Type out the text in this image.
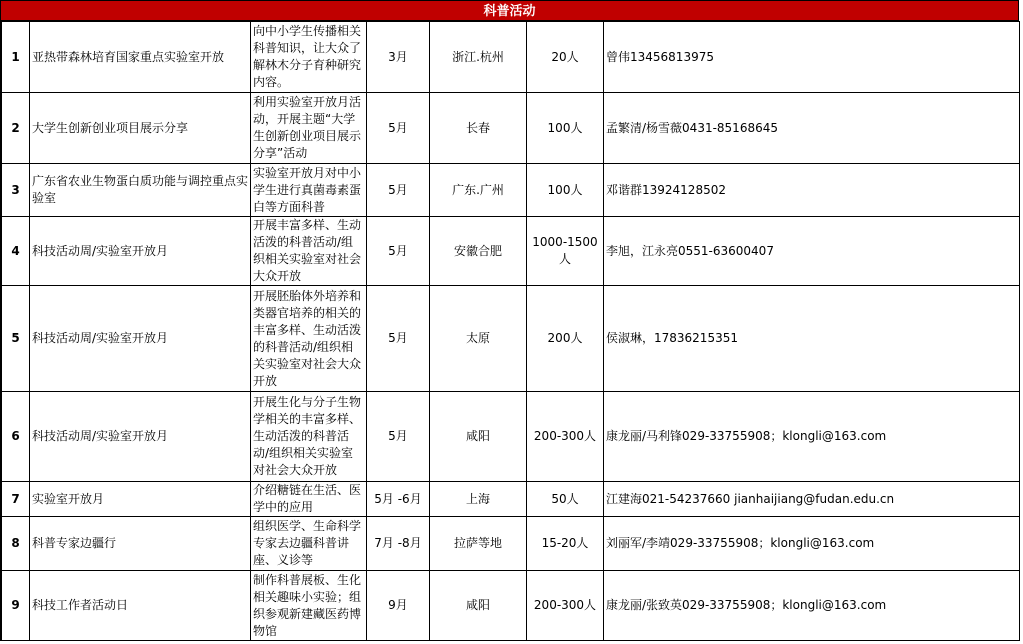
科普活动
1	亚热带森林培育国家重点实验室开放	向中小学生传播相关科普知识，让大众了解林木分子育种研究内容。	3月	浙江.杭州	20人	曾伟13456813975
2	大学生创新创业项目展示分享	利用实验室开放月活动，开展主题“大学生创新创业项目展示分享”活动	5月	长春	100人	孟繁清/杨雪薇0431-85168645
3	广东省农业生物蛋白质功能与调控重点实验室	实验室开放月对中小学生进行真菌毒素蛋白等方面科普	5月	广东.广州	100人	邓谐群13924128502
4	科技活动周/实验室开放月	开展丰富多样、生动活泼的科普活动/组织相关实验室对社会大众开放	5月	安徽合肥	1000-1500人	李旭，江永亮0551-63600407
5	科技活动周/实验室开放月	开展胚胎体外培养和类器官培养的相关的丰富多样、生动活泼的科普活动/组织相关实验室对社会大众开放	5月	太原	200人	侯淑琳，17836215351
6	科技活动周/实验室开放月	开展生化与分子生物学相关的丰富多样、生动活泼的科普活动/组织相关实验室对社会大众开放	5月	咸阳	200-300人	康龙丽/马利锋029-33755908；klongli@163.com
7	实验室开放月	介绍糖链在生活、医学中的应用	5月 -6月	上海	50人	江建海021-54237660 jianhaijiang@fudan.edu.cn
8	科普专家边疆行	组织医学、生命科学专家去边疆科普讲座、义诊等	7月 -8月	拉萨等地	15-20人	刘丽军/李靖029-33755908；klongli@163.com
9	科技工作者活动日	制作科普展板、生化相关趣味小实验；组织参观新建藏医药博物馆	9月	咸阳	200-300人	康龙丽/张致英029-33755908；klongli@163.com
